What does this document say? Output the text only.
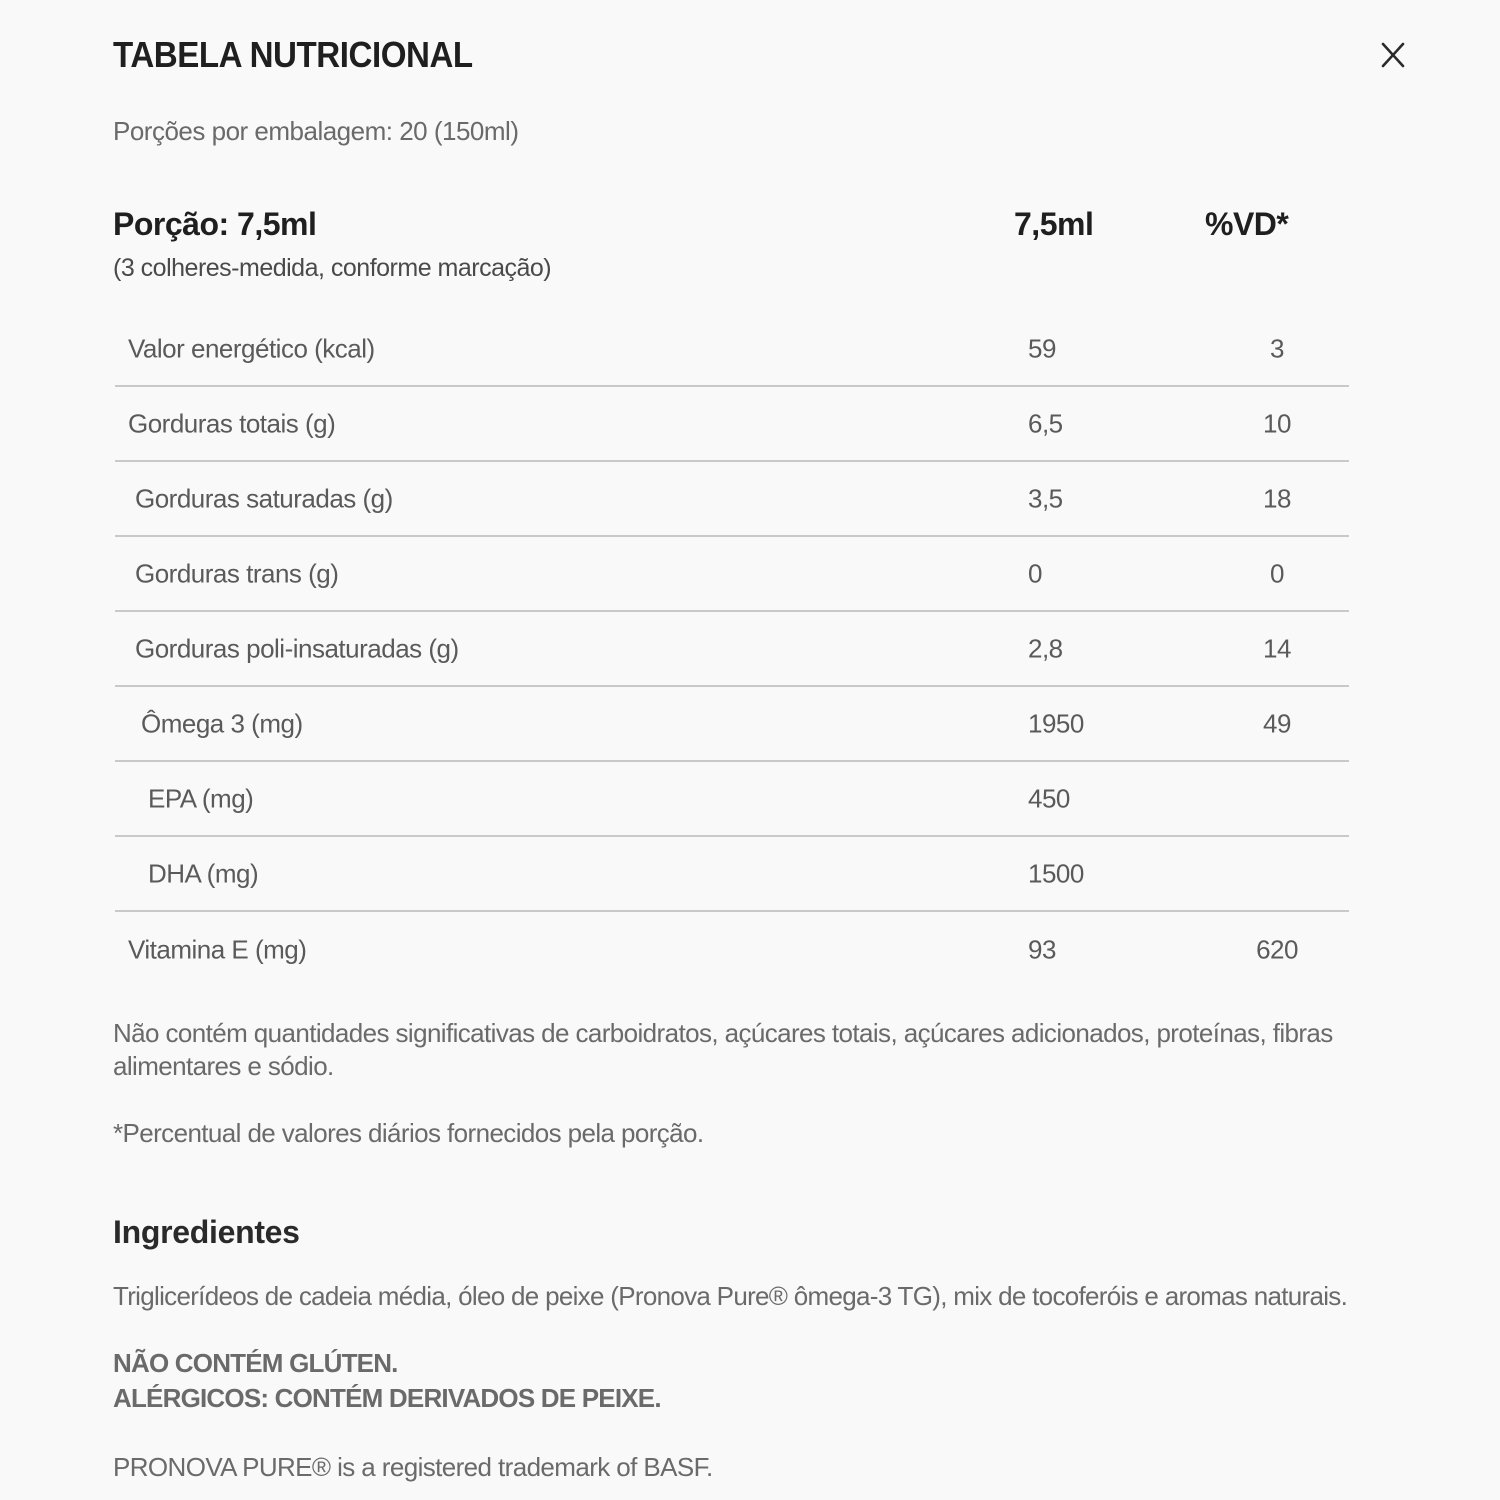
TABELA NUTRICIONAL
Porções por embalagem: 20 (150ml)
Porção: 7,5ml
(3 colheres-medida, conforme marcação)
7,5ml	%VD*
Valor energético (kcal)	59	3
Gorduras totais (g)	6,5	10
Gorduras saturadas (g)	3,5	18
Gorduras trans (g)	0	0
Gorduras poli-insaturadas (g)	2,8	14
Ômega 3 (mg)	1950	49
EPA (mg)	450
DHA (mg)	1500
Vitamina E (mg)	93	620

Não contém quantidades significativas de carboidratos, açúcares totais, açúcares adicionados, proteínas, fibras alimentares e sódio.

*Percentual de valores diários fornecidos pela porção.
Ingredientes
Triglicerídeos de cadeia média, óleo de peixe (Pronova Pure® ômega-3 TG), mix de tocoferóis e aromas naturais.
NÃO CONTÉM GLÚTEN.
ALÉRGICOS: CONTÉM DERIVADOS DE PEIXE.
PRONOVA PURE® is a registered trademark of BASF.
